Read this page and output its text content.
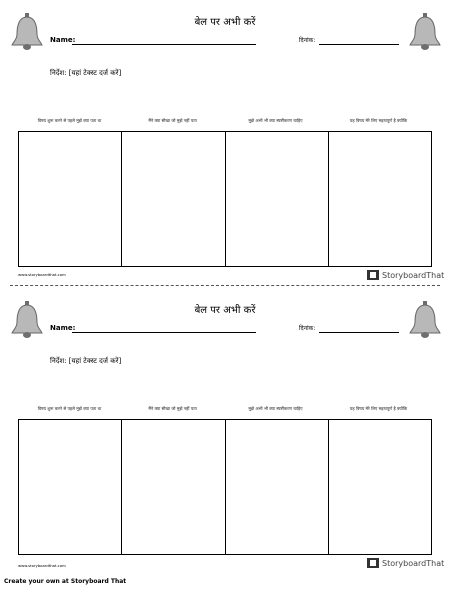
बेल पर अभी करें
Name:	दिनांक:
निर्देश: [यहां टेक्स्ट दर्ज करें]
विषय शुरू करने से पहले मुझे क्या पता था	मैंने क्या सीखा जो मुझे नहीं पता	मुझे अभी भी क्या स्पष्टीकरण चाहिए	यह विषय मेरे लिए महत्वपूर्ण है क्योंकि
www.storyboardthat.com	StoryboardThat
बेल पर अभी करें
Name:	दिनांक:
निर्देश: [यहां टेक्स्ट दर्ज करें]
विषय शुरू करने से पहले मुझे क्या पता था	मैंने क्या सीखा जो मुझे नहीं पता	मुझे अभी भी क्या स्पष्टीकरण चाहिए	यह विषय मेरे लिए महत्वपूर्ण है क्योंकि
www.storyboardthat.com	StoryboardThat
Create your own at Storyboard That
